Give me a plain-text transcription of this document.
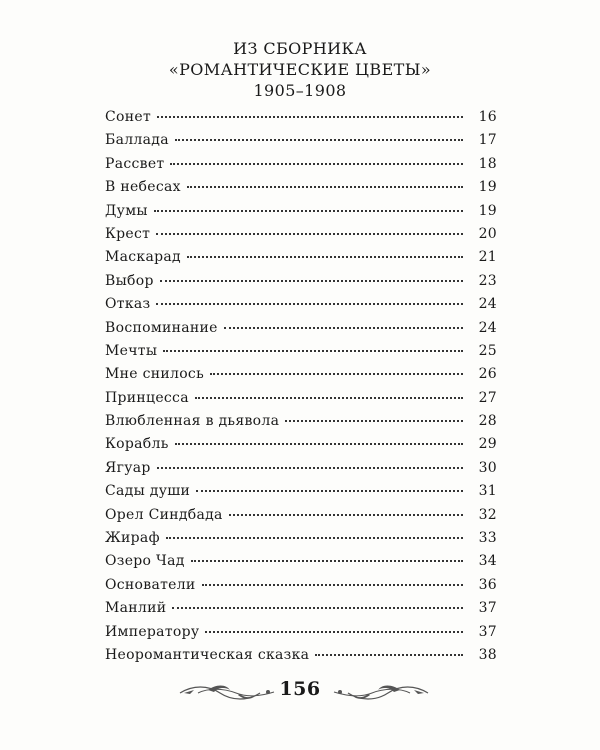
ИЗ СБОРНИКА
«РОМАНТИЧЕСКИЕ ЦВЕТЫ»
1905–1908
Сонет	16
Баллада	17
Рассвет	18
В небесах	19
Думы	19
Крест	20
Маскарад	21
Выбор	23
Отказ	24
Воспоминание	24
Мечты	25
Мне снилось	26
Принцесса	27
Влюбленная в дьявола	28
Корабль	29
Ягуар	30
Сады души	31
Орел Синдбада	32
Жираф	33
Озеро Чад	34
Основатели	36
Манлий	37
Императору	37
Неоромантическая сказка	38
156
